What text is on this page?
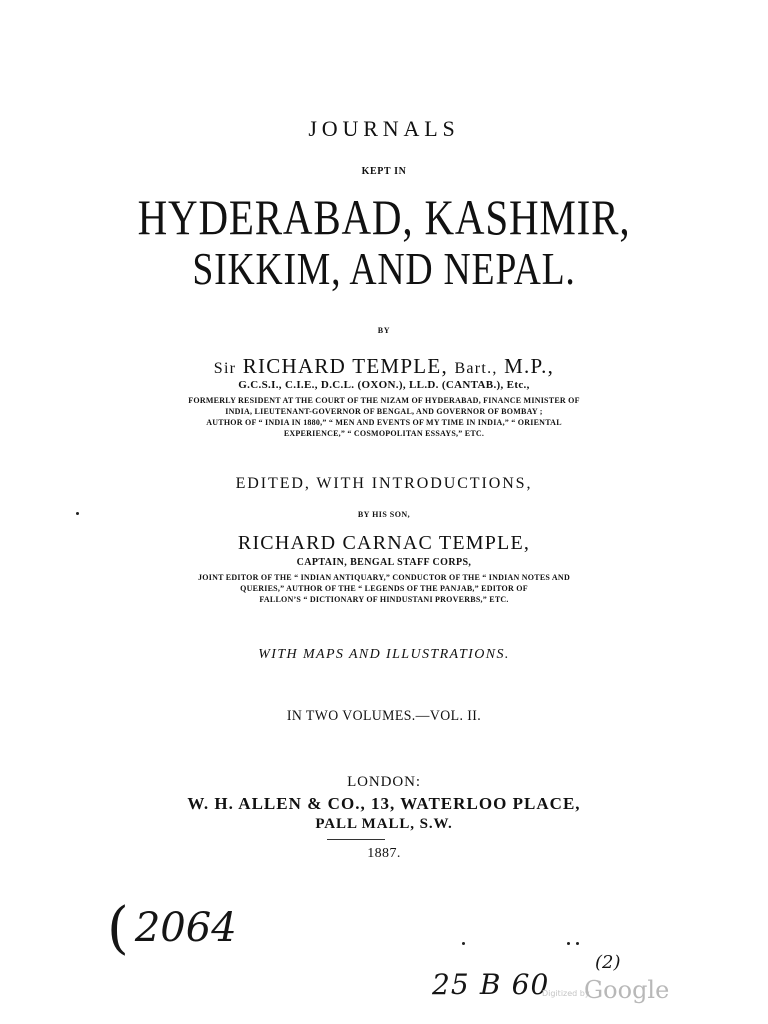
JOURNALS
KEPT IN
HYDERABAD, KASHMIR,
SIKKIM, AND NEPAL.
BY
Sir RICHARD TEMPLE, Bart., M.P.,
G.C.S.I., C.I.E., D.C.L. (OXON.), LL.D. (CANTAB.), Etc.,
FORMERLY RESIDENT AT THE COURT OF THE NIZAM OF HYDERABAD, FINANCE MINISTER OF
INDIA, LIEUTENANT-GOVERNOR OF BENGAL, AND GOVERNOR OF BOMBAY ;
AUTHOR OF “ INDIA IN 1880,” “ MEN AND EVENTS OF MY TIME IN INDIA,” “ ORIENTAL
EXPERIENCE,” “ COSMOPOLITAN ESSAYS,” ETC.
EDITED, WITH INTRODUCTIONS,
BY HIS SON,
RICHARD CARNAC TEMPLE,
CAPTAIN, BENGAL STAFF CORPS,
JOINT EDITOR OF THE “ INDIAN ANTIQUARY,” CONDUCTOR OF THE “ INDIAN NOTES AND
QUERIES,” AUTHOR OF THE “ LEGENDS OF THE PANJAB,” EDITOR OF
FALLON’S “ DICTIONARY OF HINDUSTANI PROVERBS,” ETC.
WITH MAPS AND ILLUSTRATIONS.
IN TWO VOLUMES.—VOL. II.
LONDON:
W. H. ALLEN & CO., 13, WATERLOO PLACE,
PALL MALL, S.W.
1887.
( 2064
25 B 60
(2)
Digitized by
Google
